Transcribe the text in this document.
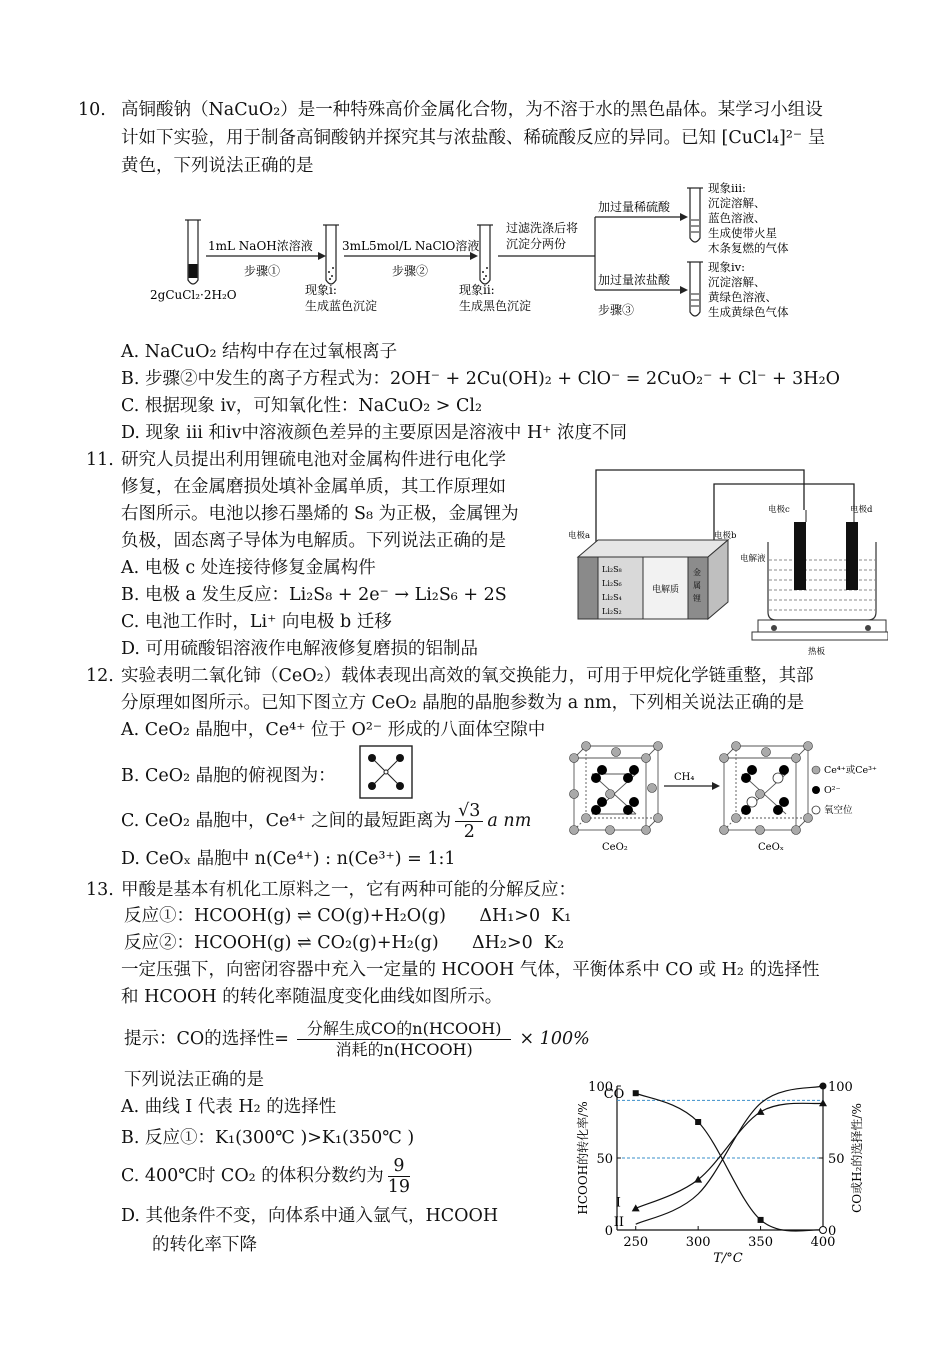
10. 高铜酸钠（NaCuO₂）是一种特殊高价金属化合物，为不溶于水的黑色晶体。某学习小组设
计如下实验，用于制备高铜酸钠并探究其与浓盐酸、稀硫酸反应的异同。已知 [CuCl₄]²⁻ 呈
黄色，下列说法正确的是
2gCuCl₂·2H₂O
1mL NaOH浓溶液
步骤①
现象i:
生成蓝色沉淀
3mL5mol/L NaClO溶液
步骤②
现象ii:
生成黑色沉淀
过滤洗涤后将
沉淀分两份
加过量稀硫酸
加过量浓盐酸
步骤③
现象iii:
沉淀溶解、
蓝色溶液、
生成使带火星
木条复燃的气体
现象iv:
沉淀溶解、
黄绿色溶液、
生成黄绿色气体
A. NaCuO₂ 结构中存在过氧根离子
B. 步骤②中发生的离子方程式为：2OH⁻ + 2Cu(OH)₂ + ClO⁻ = 2CuO₂⁻ + Cl⁻ + 3H₂O
C. 根据现象 iv，可知氧化性：NaCuO₂ > Cl₂
D. 现象 iii 和ⅳ中溶液颜色差异的主要原因是溶液中 H⁺ 浓度不同
11. 研究人员提出利用锂硫电池对金属构件进行电化学
修复，在金属磨损处填补金属单质，其工作原理如
右图所示。电池以掺石墨烯的 S₈ 为正极，金属锂为
负极，固态离子导体为电解质。下列说法正确的是
A. 电极 c 处连接待修复金属构件
B. 电极 a 发生反应：Li₂S₈ + 2e⁻ → Li₂S₆ + 2S
C. 电池工作时，Li⁺ 向电极 b 迁移
D. 可用硫酸铝溶液作电解液修复磨损的铝制品
Li₂S₈
Li₂S₆
Li₂S₄
Li₂S₂
电解质
金
属
锂
电极a	电极b
电极c	电极d
电解液
热板
12. 实验表明二氧化铈（CeO₂）载体表现出高效的氧交换能力，可用于甲烷化学链重整，其部
分原理如图所示。已知下图立方 CeO₂ 晶胞的晶胞参数为 a nm，下列相关说法正确的是
A. CeO₂ 晶胞中，Ce⁴⁺ 位于 O²⁻ 形成的八面体空隙中
B. CeO₂ 晶胞的俯视图为：
C. CeO₂ 晶胞中，Ce⁴⁺ 之间的最短距离为 $\frac{√3}{2}$ a nm
D. CeOₓ 晶胞中 n(Ce⁴⁺) : n(Ce³⁺) = 1:1
CH₄
CeO₂	CeOₓ
Ce⁴⁺或Ce³⁺
O²⁻
氧空位
13. 甲酸是基本有机化工原料之一，它有两种可能的分解反应：
反应①：HCOOH(g) ⇌ CO(g)+H₂O(g)      ΔH₁>0  K₁
反应②：HCOOH(g) ⇌ CO₂(g)+H₂(g)      ΔH₂>0  K₂
一定压强下，向密闭容器中充入一定量的 HCOOH 气体，平衡体系中 CO 或 H₂ 的选择性
和 HCOOH 的转化率随温度变化曲线如图所示。
提示：CO的选择性= $\frac{\text{分解生成CO的n(HCOOH)}}{\text{消耗的n(HCOOH)}} \times 100\%$
下列说法正确的是
A. 曲线 I 代表 H₂ 的选择性
B. 反应①：K₁(300℃ )>K₁(350℃ )
C. 400℃时 CO₂ 的体积分数约为 $\frac{9}{19}$
D. 其他条件不变，向体系中通入氩气，HCOOH
的转化率下降
0	0
50	50
100	100
250	300	350	400
T/°C
HCOOH的转化率/%	CO或H₂的选择性/%
CO
I
II
